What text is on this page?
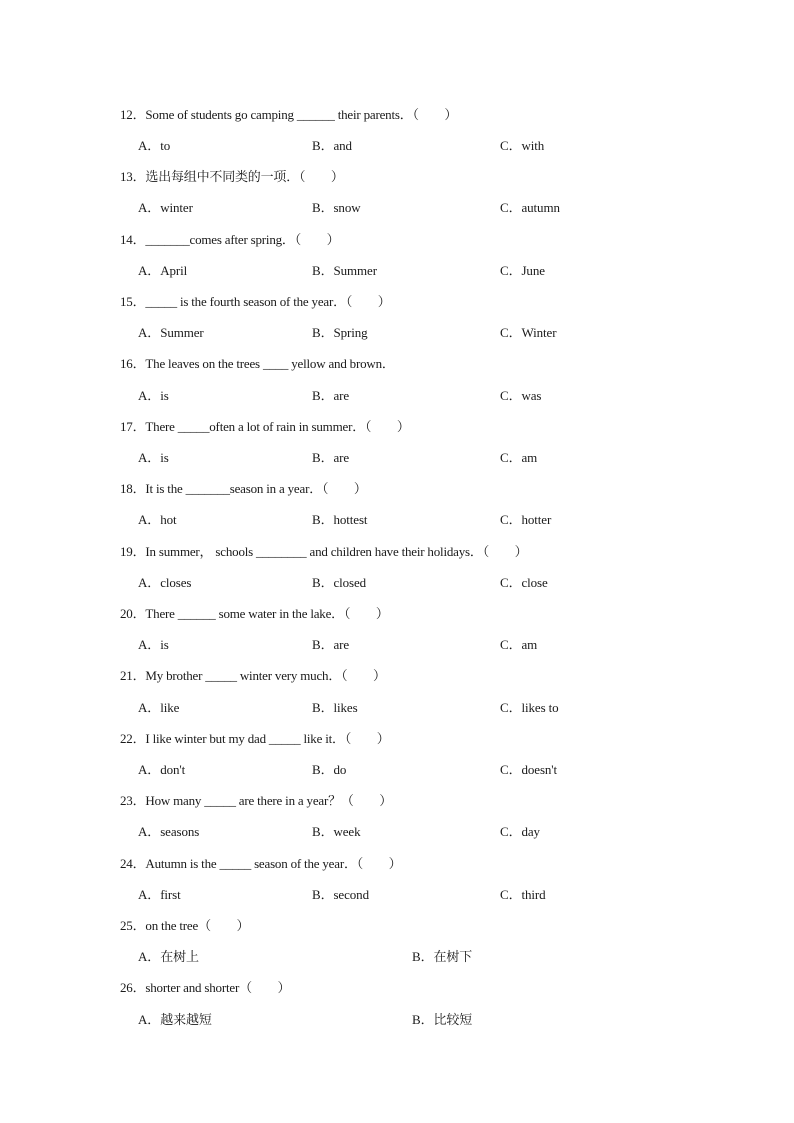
12．Some of students go camping ______ their parents．（　　）
A．to	B．and	C．with
13．选出每组中不同类的一项．（　　）
A．winter	B．snow	C．autumn
14．_______comes after spring．（　　）
A．April	B．Summer	C．June
15．_____ is the fourth season of the year．（　　）
A．Summer	B．Spring	C．Winter
16．The leaves on the trees ____ yellow and brown．
A．is	B．are	C．was
17．There _____often a lot of rain in summer．（　　）
A．is	B．are	C．am
18．It is the _______season in a year．（　　）
A．hot	B．hottest	C．hotter
19．In summer， schools ________ and children have their holidays．（　　）
A．closes	B．closed	C．close
20．There ______ some water in the lake．（　　）
A．is	B．are	C．am
21．My brother _____ winter very much．（　　）
A．like	B．likes	C．likes to
22．I like winter but my dad _____ like it．（　　）
A．don't	B．do	C．doesn't
23．How many _____ are there in a year？（　　）
A．seasons	B．week	C．day
24．Autumn is the _____ season of the year．（　　）
A．first	B．second	C．third
25．on the tree（　　）
A．在树上	B．在树下
26．shorter and shorter（　　）
A．越来越短	B．比较短
